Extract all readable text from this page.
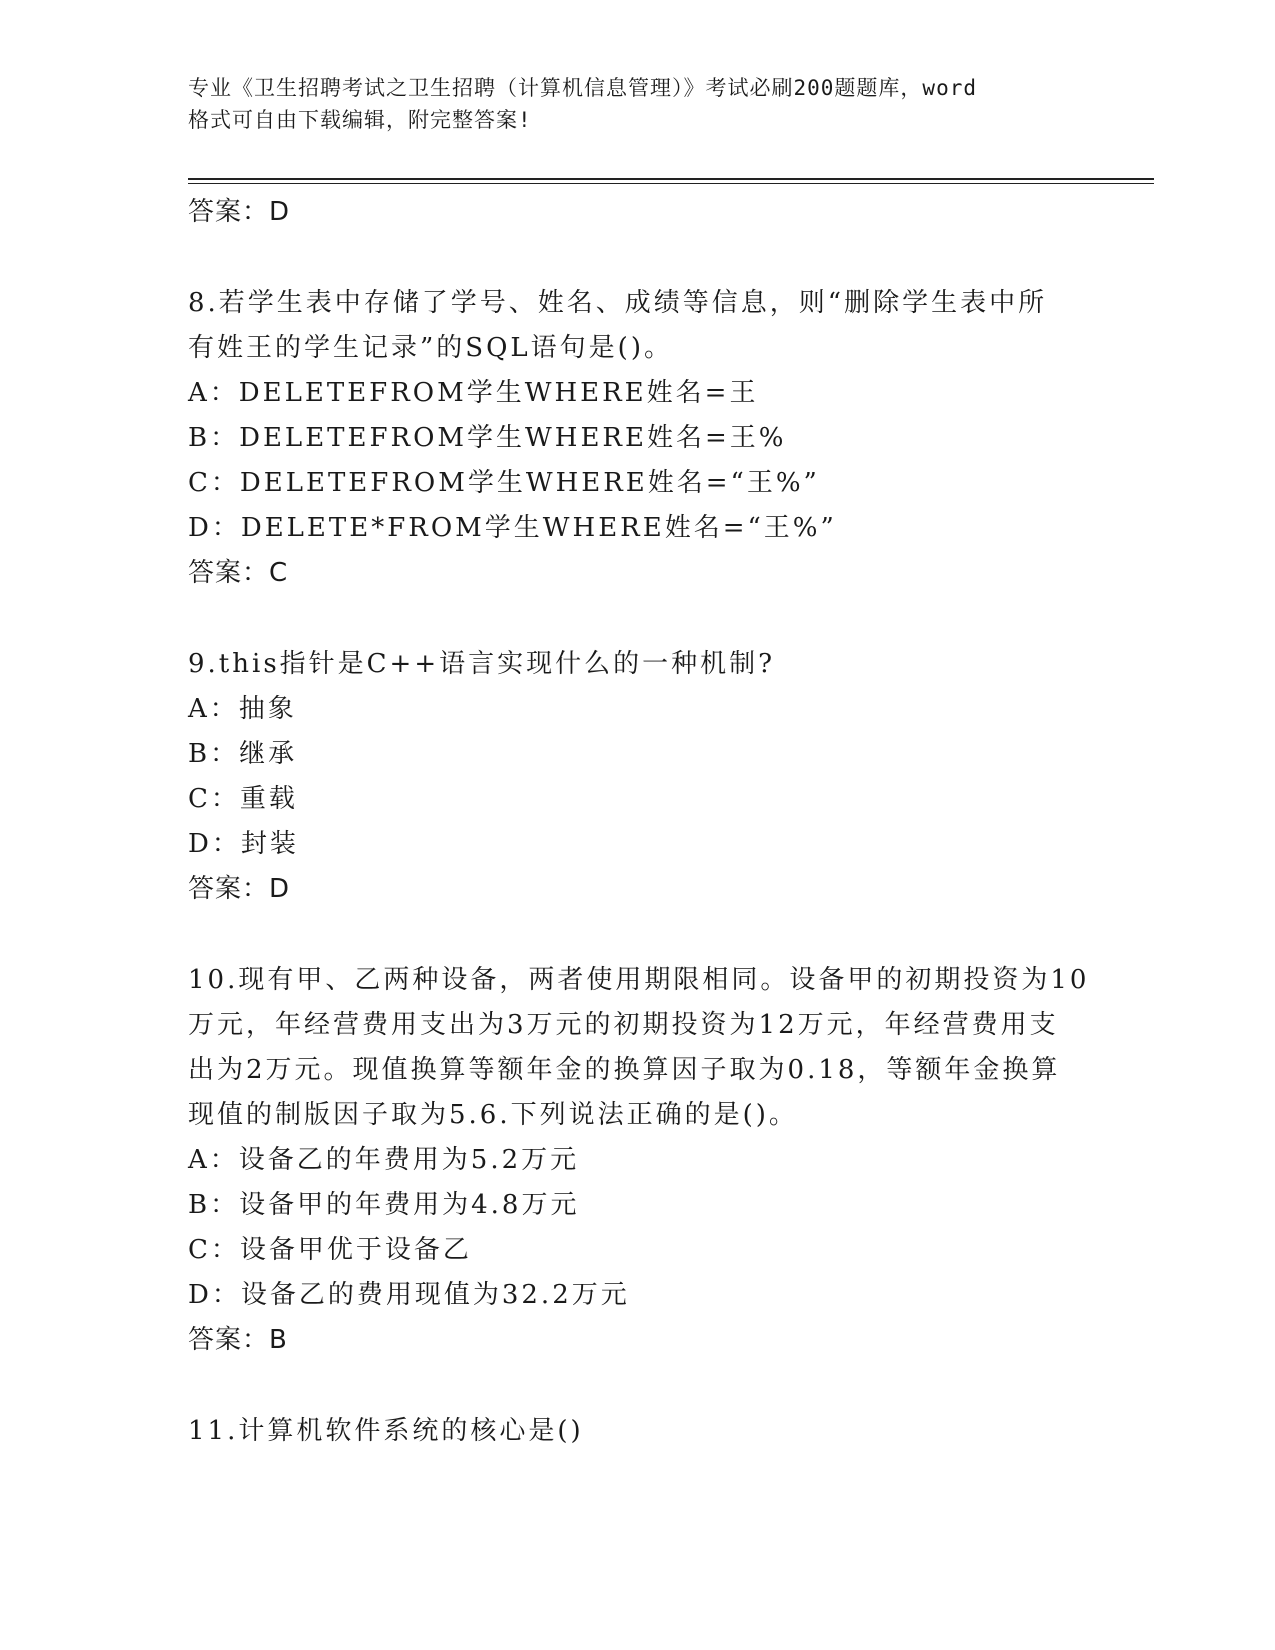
专业《卫生招聘考试之卫生招聘（计算机信息管理）》考试必刷200题题库，word
格式可自由下载编辑，附完整答案!
答案：D
8.若学生表中存储了学号、姓名、成绩等信息，则“删除学生表中所
有姓王的学生记录”的SQL语句是()。
A：DELETEFROM学生WHERE姓名=王
B：DELETEFROM学生WHERE姓名=王%
C：DELETEFROM学生WHERE姓名=“王%”
D：DELETE*FROM学生WHERE姓名=“王%”
答案：C
9.this指针是C++语言实现什么的一种机制?
A：抽象
B：继承
C：重载
D：封装
答案：D
10.现有甲、乙两种设备，两者使用期限相同。设备甲的初期投资为10
万元，年经营费用支出为3万元的初期投资为12万元，年经营费用支
出为2万元。现值换算等额年金的换算因子取为0.18，等额年金换算
现值的制版因子取为5.6.下列说法正确的是()。
A：设备乙的年费用为5.2万元
B：设备甲的年费用为4.8万元
C：设备甲优于设备乙
D：设备乙的费用现值为32.2万元
答案：B
11.计算机软件系统的核心是()
